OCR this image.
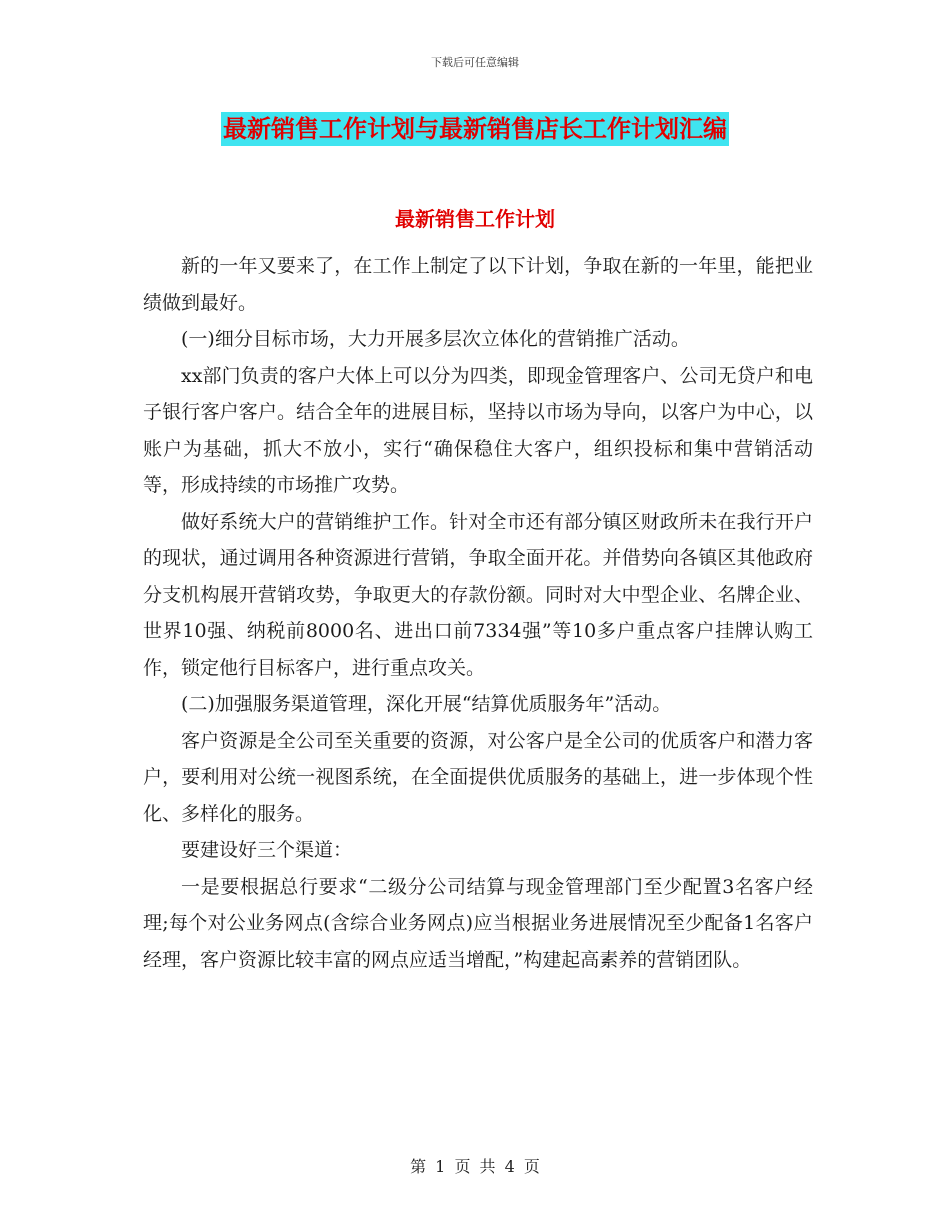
下载后可任意编辑
最新销售工作计划与最新销售店长工作计划汇编
最新销售工作计划

新的一年又要来了，在工作上制定了以下计划，争取在新的一年里，能把业绩做到最好。

(一)细分目标市场，大力开展多层次立体化的营销推广活动。

xx部门负责的客户大体上可以分为四类，即现金管理客户、公司无贷户和电子银行客户客户。结合全年的进展目标，坚持以市场为导向，以客户为中心，以账户为基础，抓大不放小，实行“确保稳住大客户，组织投标和集中营销活动等，形成持续的市场推广攻势。

做好系统大户的营销维护工作。针对全市还有部分镇区财政所未在我行开户的现状，通过调用各种资源进行营销，争取全面开花。并借势向各镇区其他政府分支机构展开营销攻势，争取更大的存款份额。同时对大中型企业、名牌企业、世界10强、纳税前8000名、进出口前7334强”等10多户重点客户挂牌认购工作，锁定他行目标客户，进行重点攻关。

(二)加强服务渠道管理，深化开展“结算优质服务年”活动。

客户资源是全公司至关重要的资源，对公客户是全公司的优质客户和潜力客户，要利用对公统一视图系统，在全面提供优质服务的基础上，进一步体现个性化、多样化的服务。

要建设好三个渠道：

一是要根据总行要求“二级分公司结算与现金管理部门至少配置3名客户经理;每个对公业务网点(含综合业务网点)应当根据业务进展情况至少配备1名客户经理，客户资源比较丰富的网点应适当增配，”构建起高素养的营销团队。

第 1 页 共 4 页
